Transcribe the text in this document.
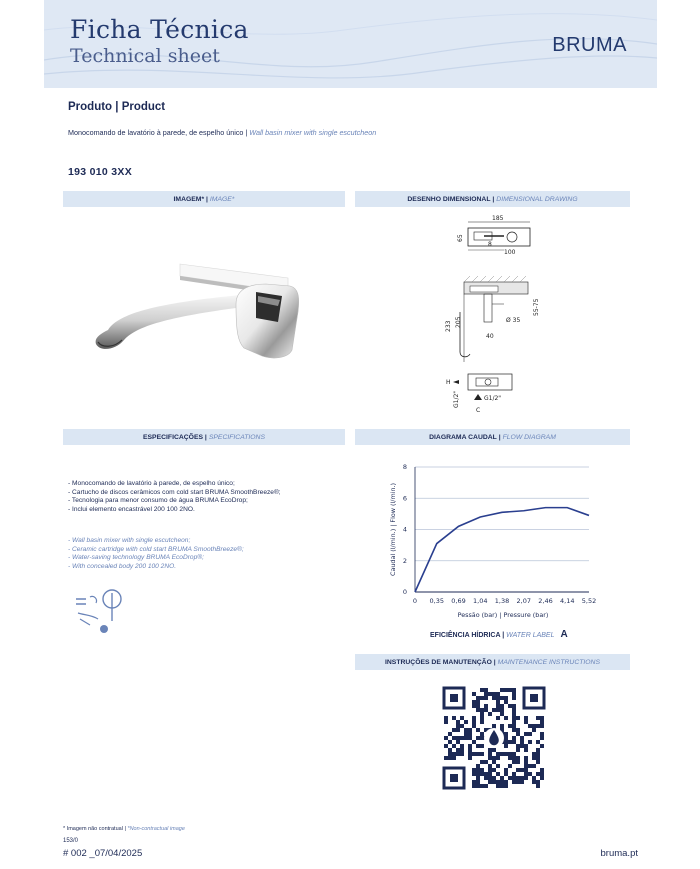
Ficha Técnica
Technical sheet	BRUMA
Produto | Product
Monocomando de lavatório à parede, de espelho único | Wall basin mixer with single escutcheon
193 010 3XX
IMAGEM* | IMAGE*	DESENHO DIMENSIONAL | DIMENSIONAL DRAWING
ESPECIFICAÇÕES | SPECIFICATIONS	DIAGRAMA CAUDAL | FLOW DIAGRAM
INSTRUÇÕES DE MANUTENÇÃO | MAINTENANCE INSTRUCTIONS
185
65
8
100
233 205
55-75
Ø 35
40
H
G1/2"	G1/2"
C
- Monocomando de lavatório à parede, de espelho único;
- Cartucho de discos cerâmicos com cold start BRUMA SmoothBreeze®;
- Tecnologia para menor consumo de água BRUMA EcoDrop;
- Inclui elemento encastrável 200 100 2NO.
- Wall basin mixer with single escutcheon;
- Ceramic cartridge with cold start BRUMA SmoothBreeze®;
- Water-saving technology BRUMA EcoDrop®;
- With concealed body 200 100 2NO.
0
2
4
6
8
0 0,35 0,69 1,04 1,38 2,07 2,46 4,14 5,52
Caudal (l/min.) | Flow (l/min.)
Pessão (bar) | Pressure (bar)
EFICIÊNCIA HÍDRICA | WATER LABEL A
* Imagem não contratual | *Non-contractual image
153/0
# 002 _07/04/2025	bruma.pt
